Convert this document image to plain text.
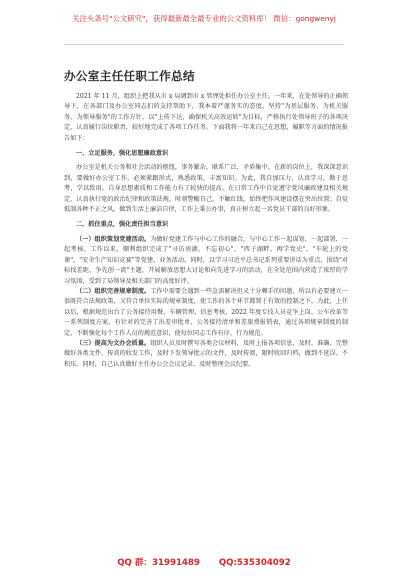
关注头条号"公文研究"，获得最新最全最专业的公文资料库！ 微信：gongwenyj
办公室主任任职工作总结

2021 年 11 月，组织上把我从市 x 局调到市 x 管理处担任办公室主任。一年来，在处领导的正确领导下，在各部门及办公室同志们的支持帮助下，我本着严谨务实的态度，坚持"为基层服务、为机关服务、为领导服务"的工作方针，以"上传下达，确保机关高效运转"为目标，严格执行处领导班子的各项决定，认真履行岗位职责，较好地完成了各项工作任务。下面我将一年来自己在思想、履职等方面的情况报告如下：

一、立足服务，强化思想廉政意识

办公室是机关公务和社会活动的枢纽，事务繁杂，联系广泛，矛盾集中。在新的岗位上，我深深意识到，要做好办公室工作，必须紧跟形式，熟悉政策，丰富知识。为此，我自加压力，认真学习，勤于思考，学以致用，自身思想素质和工作能力有了较快的提高。在日常工作中自觉遵守党风廉政建设相关规定，认真执行党的政治纪律和政策法规，时刻警醒自己，不触红线，始终把作风建设摆在突出位置；自觉抵制各种不正之风，做到生活上廉洁自律，工作上秉公办事，真正树立起一名党员干部的良好形象。

二、抓住重点，强化责任担当意识

（一）组织策划党建活动。为做好党建工作与中心工作的融合，与中心工作一起谋划、一起部署、一起考核。工作以来，顺利组织完成了"寻访南湖，不忘初心"、"西子湖畔，再学党史"、"车轮上的党课"、"安全生产知识竞赛"等党建、业务活动。同时，以学习习近平总书记系列重要讲话为重点，围绕"对标找差距、争先创一流"主题，开展解放思想大讨论和向先进学习的活动，在全处范围内营造了浓厚的学习氛围，受到了局领导及相关部门的高度好评。

（二）组织完善规章制度。工作中需要会遇到一些急需解决但又十分棘手的问题，所以有必要建立一套既符合法规政策，又符合单位实际的规章制度，使工作的各个环节都置于有效的控制之下。为此，上任以后，根据规范出台了公务接待用餐、车辆管理、信息考核、2022 年度专技人员竞争上岗、公车改革等一系列制度方案，有针对的完善了出差审批单、公务接待清单和差旅费报销表，通过各项规章制度的制定，不断强化每个工作人员的规范意识，使每位同志工作有序、行为规范。

（三）提高为文办会质量。组织人员及时撰写各类会议材料，及时上报各项信息，及时、准确、完整做好各类文件、传真的收发工作，及时下发领导批示的文件，及时传阅，限时收回归档，做到不延误、不积压。同时，自己认真做好主任办公会会议记录、及时整理会议纪要。

QQ 群：31991489 QQ:535304092
